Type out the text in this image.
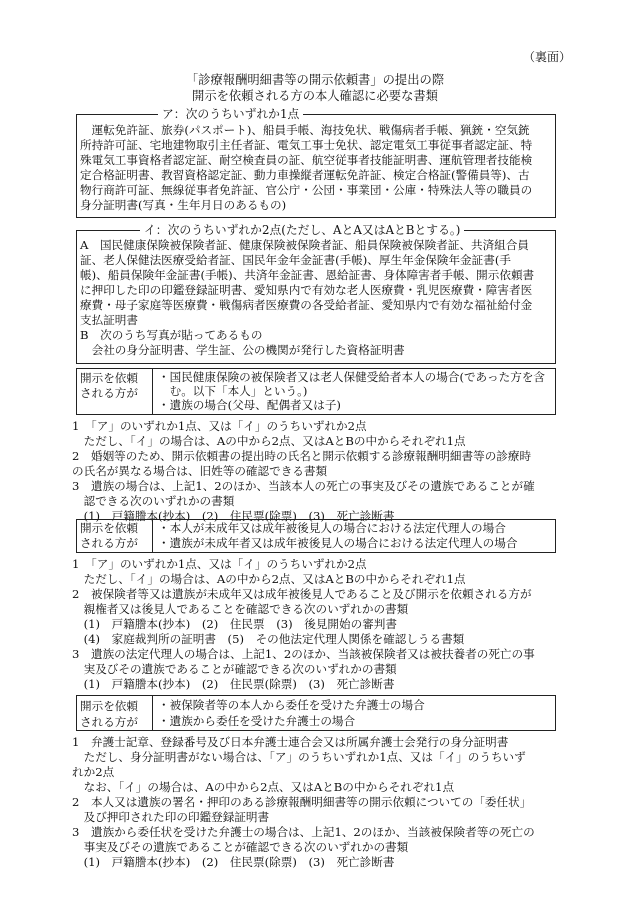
（裏面）
「診療報酬明細書等の開示依頼書」の提出の際
開示を依頼される方の本人確認に必要な書類
ア：次のうちいずれか1点
　運転免許証、旅券(パスポート)、船員手帳、海技免状、戦傷病者手帳、猟銃・空気銃
所持許可証、宅地建物取引主任者証、電気工事士免状、認定電気工事従事者認定証、特
殊電気工事資格者認定証、耐空検査員の証、航空従事者技能証明書、運航管理者技能検
定合格証明書、教習資格認定証、動力車操縦者運転免許証、検定合格証(警備員等)、古
物行商許可証、無線従事者免許証、官公庁・公団・事業団・公庫・特殊法人等の職員の
身分証明書(写真・生年月日のあるもの)
イ：次のうちいずれか2点(ただし、AとA又はAとBとする。)
A　国民健康保険被保険者証、健康保険被保険者証、船員保険被保険者証、共済組合員
証、老人保健法医療受給者証、国民年金年金証書(手帳)、厚生年金保険年金証書(手
帳)、船員保険年金証書(手帳)、共済年金証書、恩給証書、身体障害者手帳、開示依頼書
に押印した印の印鑑登録証明書、愛知県内で有効な老人医療費・乳児医療費・障害者医
療費・母子家庭等医療費・戦傷病者医療費の各受給者証、愛知県内で有効な福祉給付金
支払証明書
B　次のうち写真が貼ってあるもの
　会社の身分証明書、学生証、公の機関が発行した資格証明書
開示を依頼
される方が
・国民健康保険の被保険者又は老人保健受給者本人の場合(であった方を含
　む。以下「本人」という。)
・遺族の場合(父母、配偶者又は子)
1　「ア」のいずれか1点、又は「イ」のうちいずれか2点
　ただし、「イ」の場合は、Aの中から2点、又はAとBの中からそれぞれ1点
2　婚姻等のため、開示依頼書の提出時の氏名と開示依頼する診療報酬明細書等の診療時
の氏名が異なる場合は、旧姓等の確認できる書類
3　遺族の場合は、上記1、2のほか、当該本人の死亡の事実及びその遺族であることが確
　認できる次のいずれかの書類
　(1)　戸籍謄本(抄本)　(2)　住民票(除票)　(3)　死亡診断書
開示を依頼
される方が
・本人が未成年又は成年被後見人の場合における法定代理人の場合
・遺族が未成年者又は成年被後見人の場合における法定代理人の場合
1　「ア」のいずれか1点、又は「イ」のうちいずれか2点
　ただし、「イ」の場合は、Aの中から2点、又はAとBの中からそれぞれ1点
2　被保険者等又は遺族が未成年又は成年被後見人であること及び開示を依頼される方が
　親権者又は後見人であることを確認できる次のいずれかの書類
　(1)　戸籍謄本(抄本)　(2)　住民票　(3)　後見開始の審判書
　(4)　家庭裁判所の証明書　(5)　その他法定代理人関係を確認しうる書類
3　遺族の法定代理人の場合は、上記1、2のほか、当該被保険者又は被扶養者の死亡の事
　実及びその遺族であることが確認できる次のいずれかの書類
　(1)　戸籍謄本(抄本)　(2)　住民票(除票)　(3)　死亡診断書
開示を依頼
される方が
・被保険者等の本人から委任を受けた弁護士の場合
・遺族から委任を受けた弁護士の場合
1　弁護士記章、登録番号及び日本弁護士連合会又は所属弁護士会発行の身分証明書
　ただし、身分証明書がない場合は、「ア」のうちいずれか1点、又は「イ」のうちいず
れか2点
　なお、「イ」の場合は、Aの中から2点、又はAとBの中からそれぞれ1点
2　本人又は遺族の署名・押印のある診療報酬明細書等の開示依頼についての「委任状」
　及び押印された印の印鑑登録証明書
3　遺族から委任状を受けた弁護士の場合は、上記1、2のほか、当該被保険者等の死亡の
　事実及びその遺族であることが確認できる次のいずれかの書類
　(1)　戸籍謄本(抄本)　(2)　住民票(除票)　(3)　死亡診断書
